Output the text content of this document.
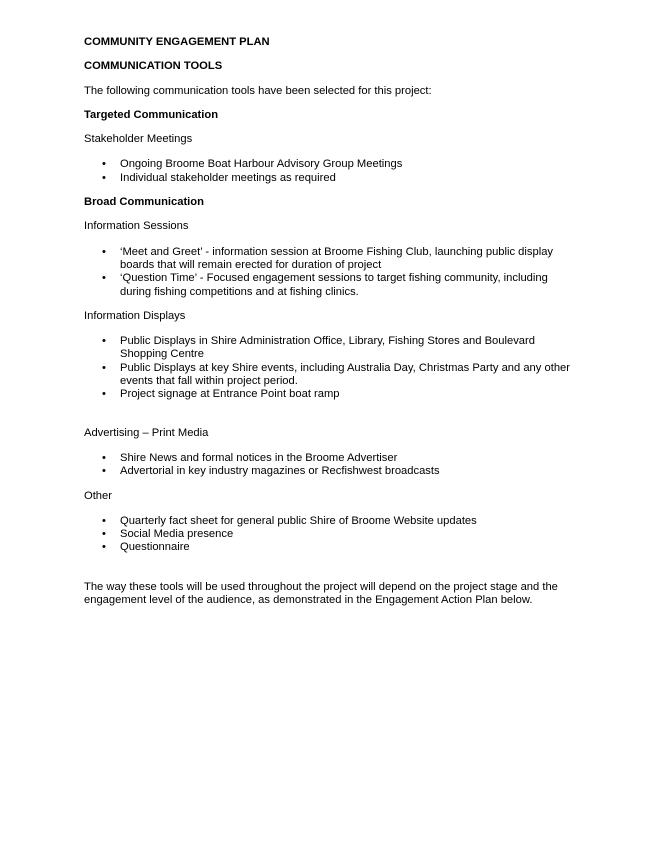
COMMUNITY ENGAGEMENT PLAN

COMMUNICATION TOOLS

The following communication tools have been selected for this project:

Targeted Communication

Stakeholder Meetings

• Ongoing Broome Boat Harbour Advisory Group Meetings
• Individual stakeholder meetings as required

Broad Communication

Information Sessions

• ‘Meet and Greet’ - information session at Broome Fishing Club, launching public display boards that will remain erected for duration of project
• ‘Question Time’ - Focused engagement sessions to target fishing community, including during fishing competitions and at fishing clinics.

Information Displays

• Public Displays in Shire Administration Office, Library, Fishing Stores and Boulevard Shopping Centre
• Public Displays at key Shire events, including Australia Day, Christmas Party and any other events that fall within project period.
• Project signage at Entrance Point boat ramp

Advertising – Print Media

• Shire News and formal notices in the Broome Advertiser
• Advertorial in key industry magazines or Recfishwest broadcasts

Other

• Quarterly fact sheet for general public Shire of Broome Website updates
• Social Media presence
• Questionnaire

The way these tools will be used throughout the project will depend on the project stage and the engagement level of the audience, as demonstrated in the Engagement Action Plan below.
